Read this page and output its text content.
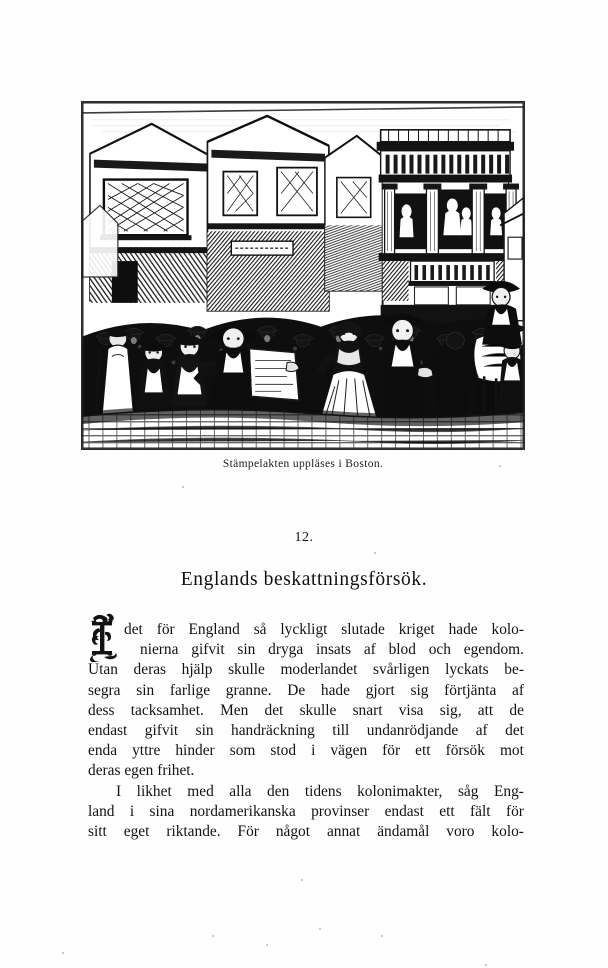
Stämpelakten uppläses i Boston.
12.
Englands beskattningsförsök.
det för England så lyckligt slutade kriget hade kolo-
nierna gifvit sin dryga insats af blod och egendom.
Utan deras hjälp skulle moderlandet svårligen lyckats be-
segra sin farlige granne. De hade gjort sig förtjänta af
dess tacksamhet. Men det skulle snart visa sig, att de
endast gifvit sin handräckning till undanrödjande af det
enda yttre hinder som stod i vägen för ett försök mot
deras egen frihet.
I likhet med alla den tidens kolonimakter, såg Eng-
land i sina nordamerikanska provinser endast ett fält för
sitt eget riktande. För något annat ändamål voro kolo-
